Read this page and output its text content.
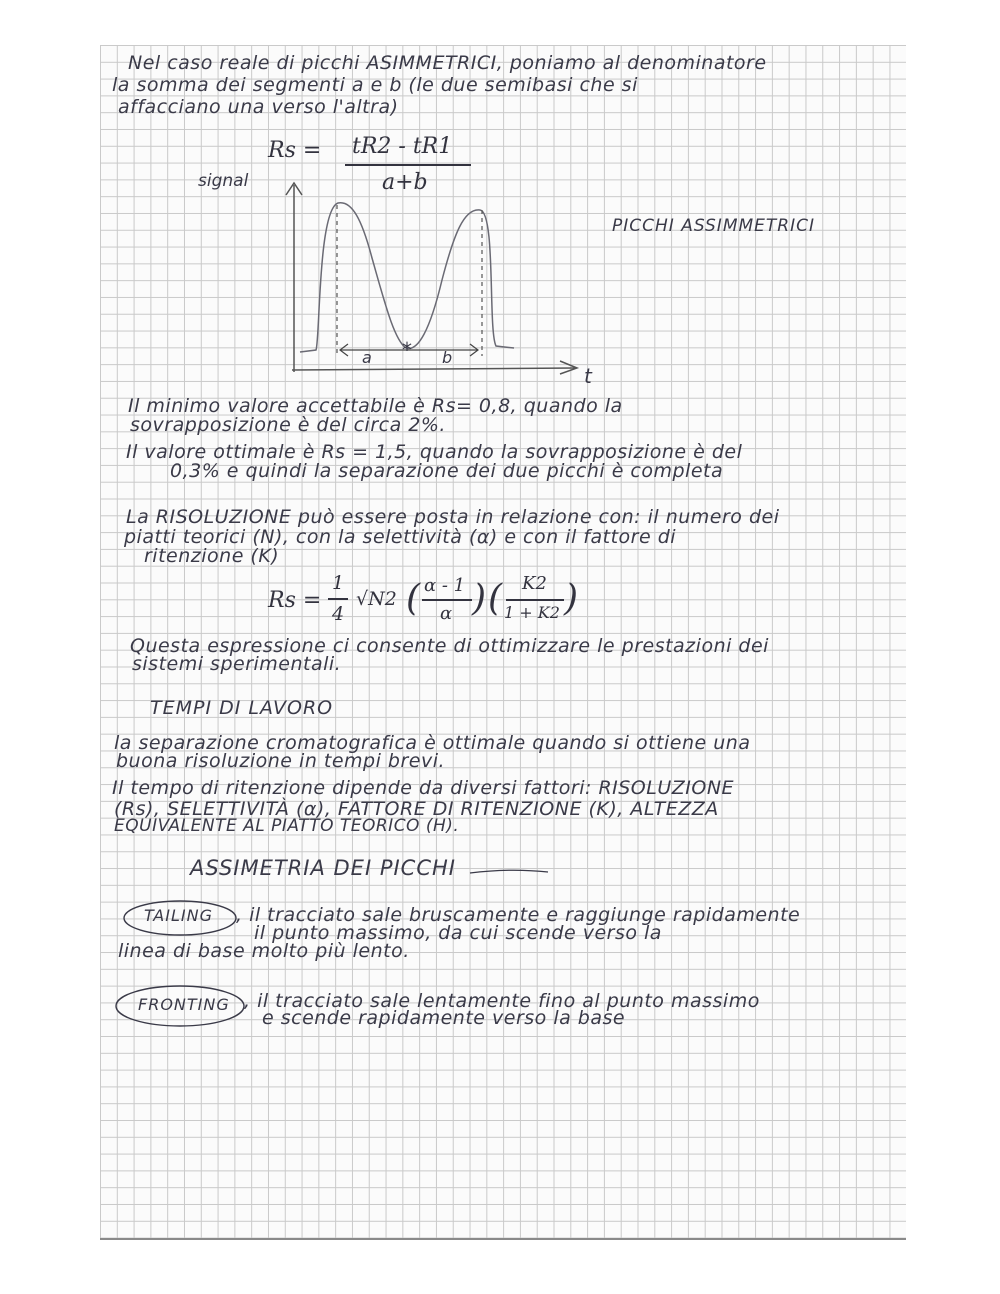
Nel caso reale di picchi ASIMMETRICI, poniamo al denominatore
la somma dei segmenti a e b (le due semibasi che si
affacciano una verso l'altra)
Rs = tR2 - tR1
a+b
*
a	b
signal
t
PICCHI ASSIMMETRICI
Il minimo valore accettabile è Rs= 0,8, quando la
sovrapposizione è del circa 2%.
Il valore ottimale è Rs = 1,5, quando la sovrapposizione è del
0,3% e quindi la separazione dei due picchi è completa
La RISOLUZIONE può essere posta in relazione con: il numero dei
piatti teorici (N), con la selettività (α) e con il fattore di
ritenzione (K)
Rs =
1
4
√N2 ( α - 1
α ) ( K2
1 + K2 )
Questa espressione ci consente di ottimizzare le prestazioni dei
sistemi sperimentali.
TEMPI DI LAVORO
la separazione cromatografica è ottimale quando si ottiene una
buona risoluzione in tempi brevi.
Il tempo di ritenzione dipende da diversi fattori: RISOLUZIONE
(Rs), SELETTIVITÀ (α), FATTORE DI RITENZIONE (K), ALTEZZA
EQUIVALENTE AL PIATTO TEORICO (H).
ASSIMETRIA DEI PICCHI
TAILING , il tracciato sale bruscamente e raggiunge rapidamente
il punto massimo, da cui scende verso la
linea di base molto più lento.
FRONTING , il tracciato sale lentamente fino al punto massimo
e scende rapidamente verso la base
